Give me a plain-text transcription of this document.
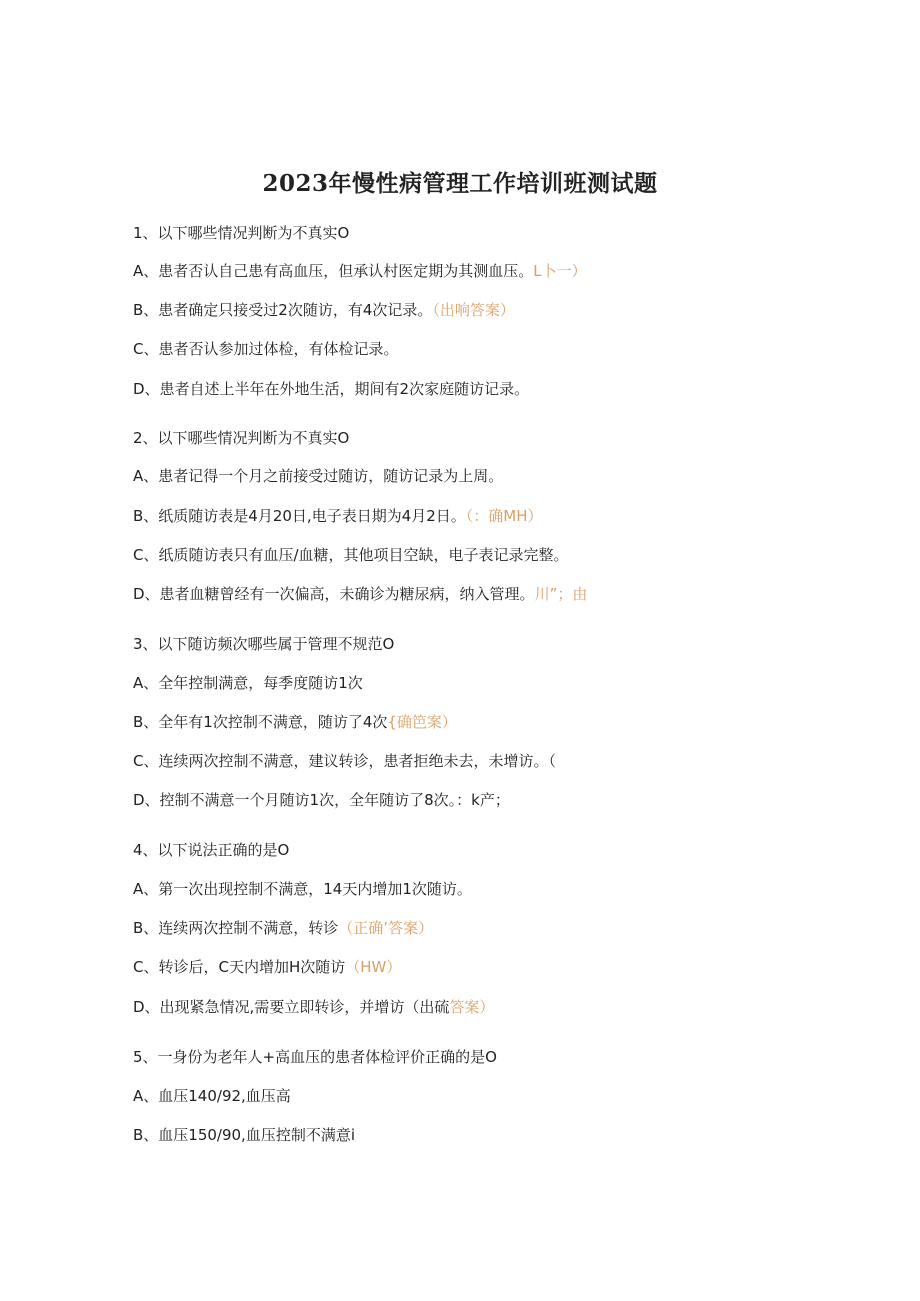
2023年慢性病管理工作培训班测试题
1、以下哪些情况判断为不真实O
A、患者否认自己患有高血压，但承认村医定期为其测血压。L卜一）
B、患者确定只接受过2次随访，有4次记录。（出响答案）
C、患者否认参加过体检，有体检记录。
D、患者自述上半年在外地生活，期间有2次家庭随访记录。
2、以下哪些情况判断为不真实O
A、患者记得一个月之前接受过随访，随访记录为上周。
B、纸质随访表是4月20日,电子表日期为4月2日。（：确MH）
C、纸质随访表只有血压/血糖，其他项目空缺，电子表记录完整。
D、患者血糖曾经有一次偏高，未确诊为糖尿病，纳入管理。川”；由
3、以下随访频次哪些属于管理不规范O
A、全年控制满意，每季度随访1次
B、全年有1次控制不满意，随访了4次{确笆案）
C、连续两次控制不满意，建议转诊，患者拒绝未去，未增访。（
D、控制不满意一个月随访1次，全年随访了8次。：k产；
4、以下说法正确的是O
A、第一次出现控制不满意，14天内增加1次随访。
B、连续两次控制不满意，转诊（正确’答案）
C、转诊后，C天内增加H次随访（HW）
D、出现紧急情况,需要立即转诊，并增访（出硫答案）
5、一身份为老年人+高血压的患者体检评价正确的是O
A、血压140/92,血压高
B、血压150/90,血压控制不满意i
